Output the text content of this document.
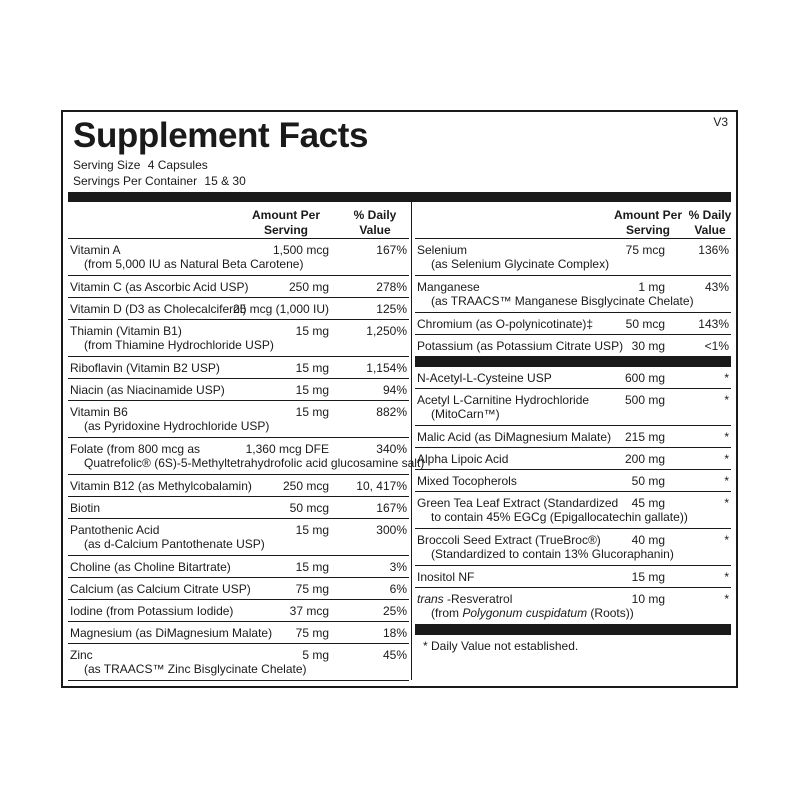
Supplement Facts	V3
Serving Size 4 Capsules
Servings Per Container 15 & 30
Amount Per
Serving
% Daily
Value
Vitamin A
(from 5,000 IU as Natural Beta Carotene)
1,500 mcg	167%
Vitamin C (as Ascorbic Acid USP)	250 mg	278%
Vitamin D (D3 as Cholecalciferol)
25 mcg (1,000 IU)	125%
Thiamin (Vitamin B1)
(from Thiamine Hydrochloride USP)
15 mg	1,250%
Riboflavin (Vitamin B2 USP)	15 mg	1,154%
Niacin (as Niacinamide USP)	15 mg	94%
Vitamin B6
(as Pyridoxine Hydrochloride USP)
15 mg	882%
Folate (from 800 mcg as
Quatrefolic® (6S)-5-Methyltetrahydrofolic acid glucosamine salt)
1,360 mcg DFE	340%
Vitamin B12 (as Methylcobalamin)	250 mcg 10, 417%
Biotin	50 mcg	167%
Pantothenic Acid
(as d-Calcium Pantothenate USP)
15 mg	300%
Choline (as Choline Bitartrate)	15 mg	3%
Calcium (as Calcium Citrate USP)	75 mg	6%
Iodine (from Potassium Iodide)	37 mcg	25%
Magnesium (as DiMagnesium Malate) 75 mg	18%
Zinc
(as TRAACS™ Zinc Bisglycinate Chelate)
5 mg	45%
Amount Per
Serving
% Daily
Value
Selenium
(as Selenium Glycinate Complex)
75 mcg	136%
Manganese
(as TRAACS™ Manganese Bisglycinate Chelate)
1 mg	43%
Chromium (as O-polynicotinate)‡	50 mcg	143%
Potassium (as Potassium Citrate USP) 30 mg	<1%
N-Acetyl-L-Cysteine USP	600 mg	*
Acetyl L-Carnitine Hydrochloride
(MitoCarn™)
500 mg	*
Malic Acid (as DiMagnesium Malate) 215 mg	*
Alpha Lipoic Acid	200 mg	*
Mixed Tocopherols	50 mg	*
Green Tea Leaf Extract (Standardized
to contain 45% EGCg (Epigallocatechin gallate))
45 mg	*
Broccoli Seed Extract (TrueBroc®)
(Standardized to contain 13% Glucoraphanin)
40 mg	*
Inositol NF	15 mg	*
trans -Resveratrol
(from Polygonum cuspidatum (Roots))
10 mg	*
* Daily Value not established.
